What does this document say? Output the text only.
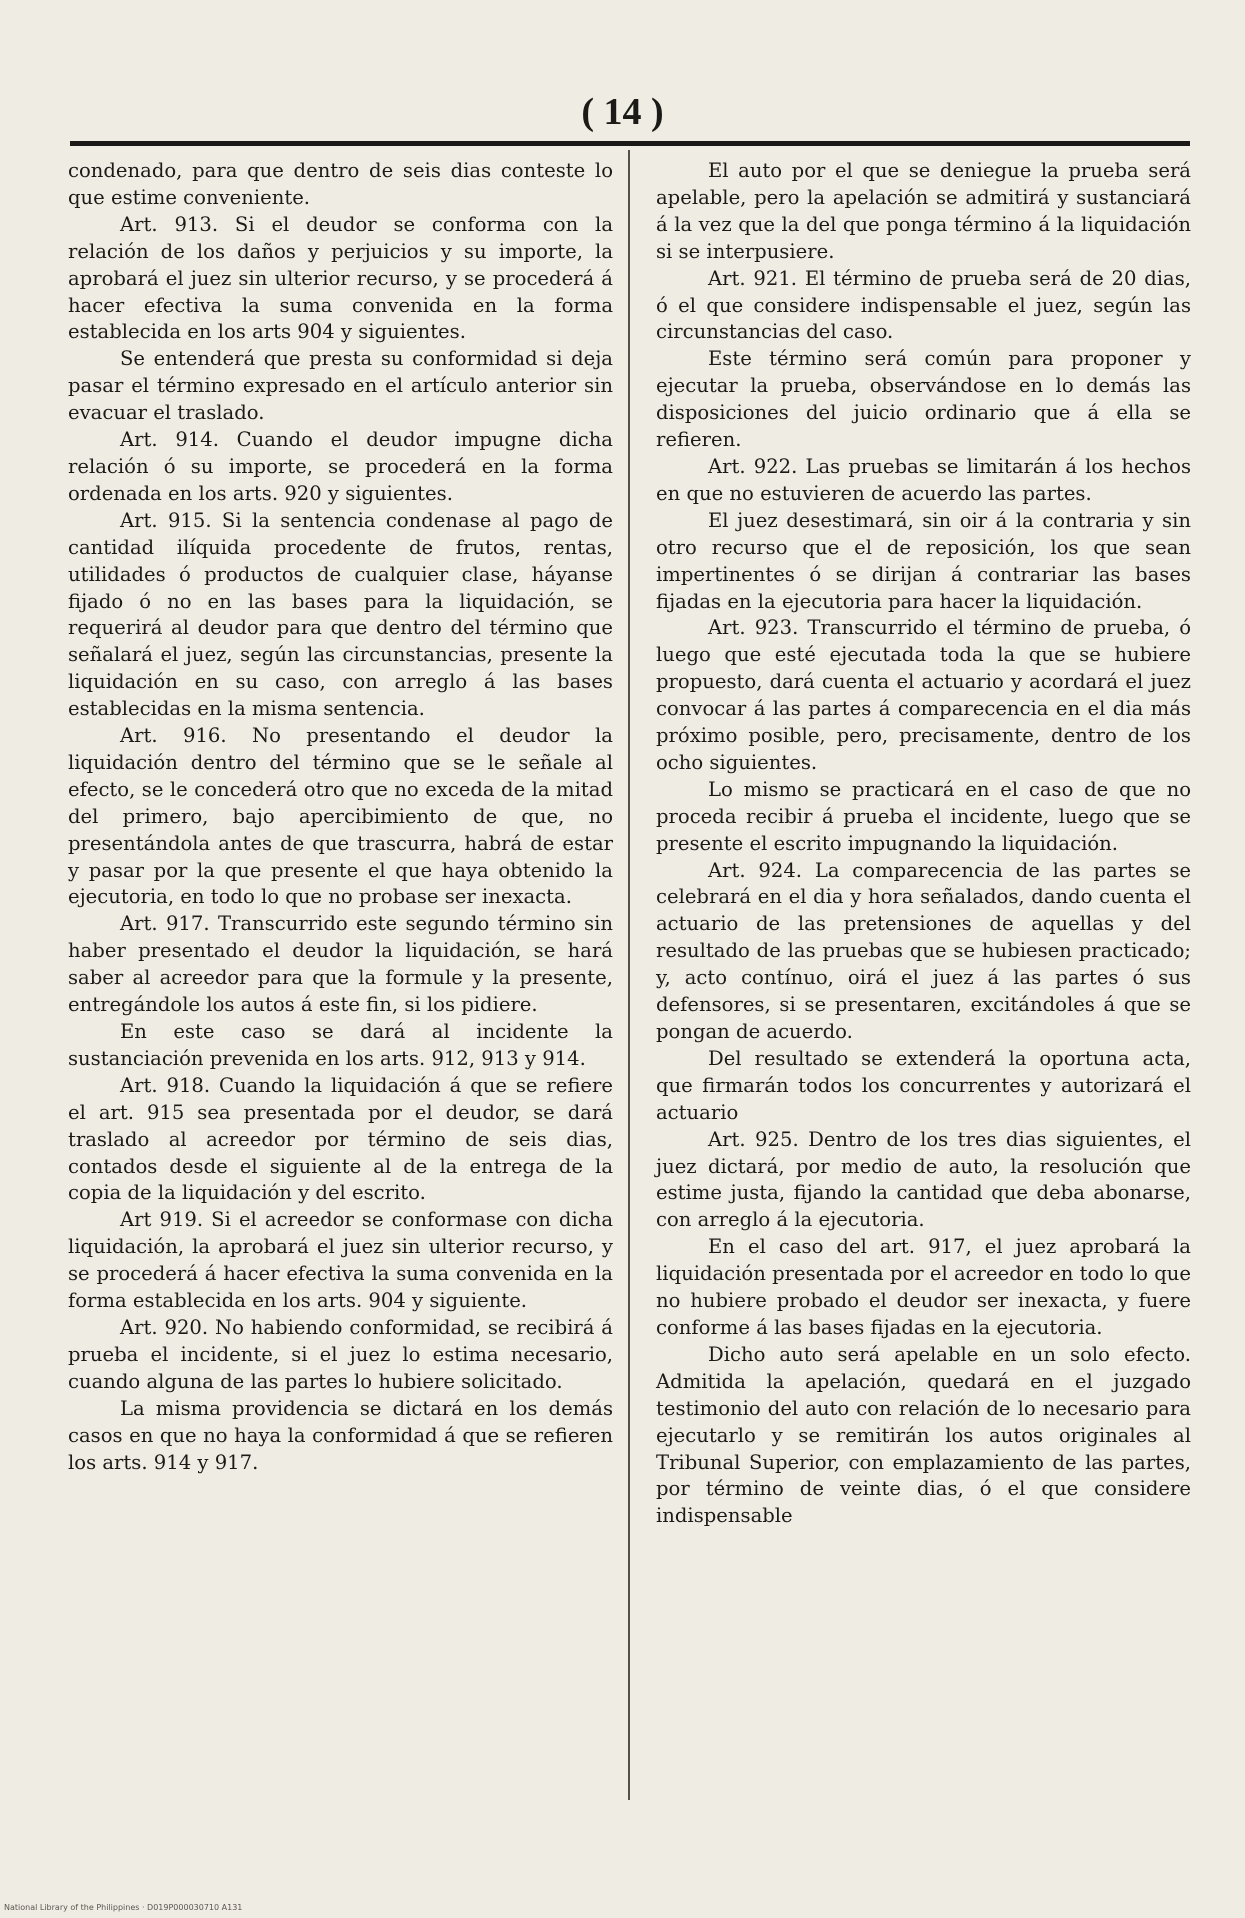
( 14 )

condenado, para que dentro de seis dias conteste lo que estime conveniente.

Art. 913. Si el deudor se conforma con la relación de los daños y perjuicios y su importe, la aprobará el juez sin ulterior recurso, y se procederá á hacer efectiva la suma convenida en la forma establecida en los arts 904 y siguientes.

Se entenderá que presta su conformidad si deja pasar el término expresado en el artículo anterior sin evacuar el traslado.

Art. 914. Cuando el deudor impugne dicha relación ó su importe, se procederá en la forma ordenada en los arts. 920 y siguientes.

Art. 915. Si la sentencia condenase al pago de cantidad ilíquida procedente de frutos, rentas, utilidades ó productos de cualquier clase, háyanse fijado ó no en las bases para la liquidación, se requerirá al deudor para que dentro del término que señalará el juez, según las circunstancias, presente la liquidación en su caso, con arreglo á las bases establecidas en la misma sentencia.

Art. 916. No presentando el deudor la liquidación dentro del término que se le señale al efecto, se le concederá otro que no exceda de la mitad del primero, bajo apercibimiento de que, no presentándola antes de que trascurra, habrá de estar y pasar por la que presente el que haya obtenido la ejecutoria, en todo lo que no probase ser inexacta.

Art. 917. Transcurrido este segundo término sin haber presentado el deudor la liquidación, se hará saber al acreedor para que la formule y la presente, entregándole los autos á este fin, si los pidiere.

En este caso se dará al incidente la sustanciación prevenida en los arts. 912, 913 y 914.

Art. 918. Cuando la liquidación á que se refiere el art. 915 sea presentada por el deudor, se dará traslado al acreedor por término de seis dias, contados desde el siguiente al de la entrega de la copia de la liquidación y del escrito.

Art 919. Si el acreedor se conformase con dicha liquidación, la aprobará el juez sin ulterior recurso, y se procederá á hacer efectiva la suma convenida en la forma establecida en los arts. 904 y siguiente.

Art. 920. No habiendo conformidad, se recibirá á prueba el incidente, si el juez lo estima necesario, cuando alguna de las partes lo hubiere solicitado.

La misma providencia se dictará en los demás casos en que no haya la conformidad á que se refieren los arts. 914 y 917.

El auto por el que se deniegue la prueba será apelable, pero la apelación se admitirá y sustanciará á la vez que la del que ponga término á la liquidación si se interpusiere.

Art. 921. El término de prueba será de 20 dias, ó el que considere indispensable el juez, según las circunstancias del caso.

Este término será común para proponer y ejecutar la prueba, observándose en lo demás las disposiciones del juicio ordinario que á ella se refieren.

Art. 922. Las pruebas se limitarán á los hechos en que no estuvieren de acuerdo las partes.

El juez desestimará, sin oir á la contraria y sin otro recurso que el de reposición, los que sean impertinentes ó se dirijan á contrariar las bases fijadas en la ejecutoria para hacer la liquidación.

Art. 923. Transcurrido el término de prueba, ó luego que esté ejecutada toda la que se hubiere propuesto, dará cuenta el actuario y acordará el juez convocar á las partes á comparecencia en el dia más próximo posible, pero, precisamente, dentro de los ocho siguientes.

Lo mismo se practicará en el caso de que no proceda recibir á prueba el incidente, luego que se presente el escrito impugnando la liquidación.

Art. 924. La comparecencia de las partes se celebrará en el dia y hora señalados, dando cuenta el actuario de las pretensiones de aquellas y del resultado de las pruebas que se hubiesen practicado; y, acto contínuo, oirá el juez á las partes ó sus defensores, si se presentaren, excitándoles á que se pongan de acuerdo.

Del resultado se extenderá la oportuna acta, que firmarán todos los concurrentes y autorizará el actuario

Art. 925. Dentro de los tres dias siguientes, el juez dictará, por medio de auto, la resolución que estime justa, fijando la cantidad que deba abonarse, con arreglo á la ejecutoria.

En el caso del art. 917, el juez aprobará la liquidación presentada por el acreedor en todo lo que no hubiere probado el deudor ser inexacta, y fuere conforme á las bases fijadas en la ejecutoria.

Dicho auto será apelable en un solo efecto. Admitida la apelación, quedará en el juzgado testimonio del auto con relación de lo necesario para ejecutarlo y se remitirán los autos originales al Tribunal Superior, con emplazamiento de las partes, por término de veinte dias, ó el que considere indispensable

National Library of the Philippines · D019P000030710 A131
